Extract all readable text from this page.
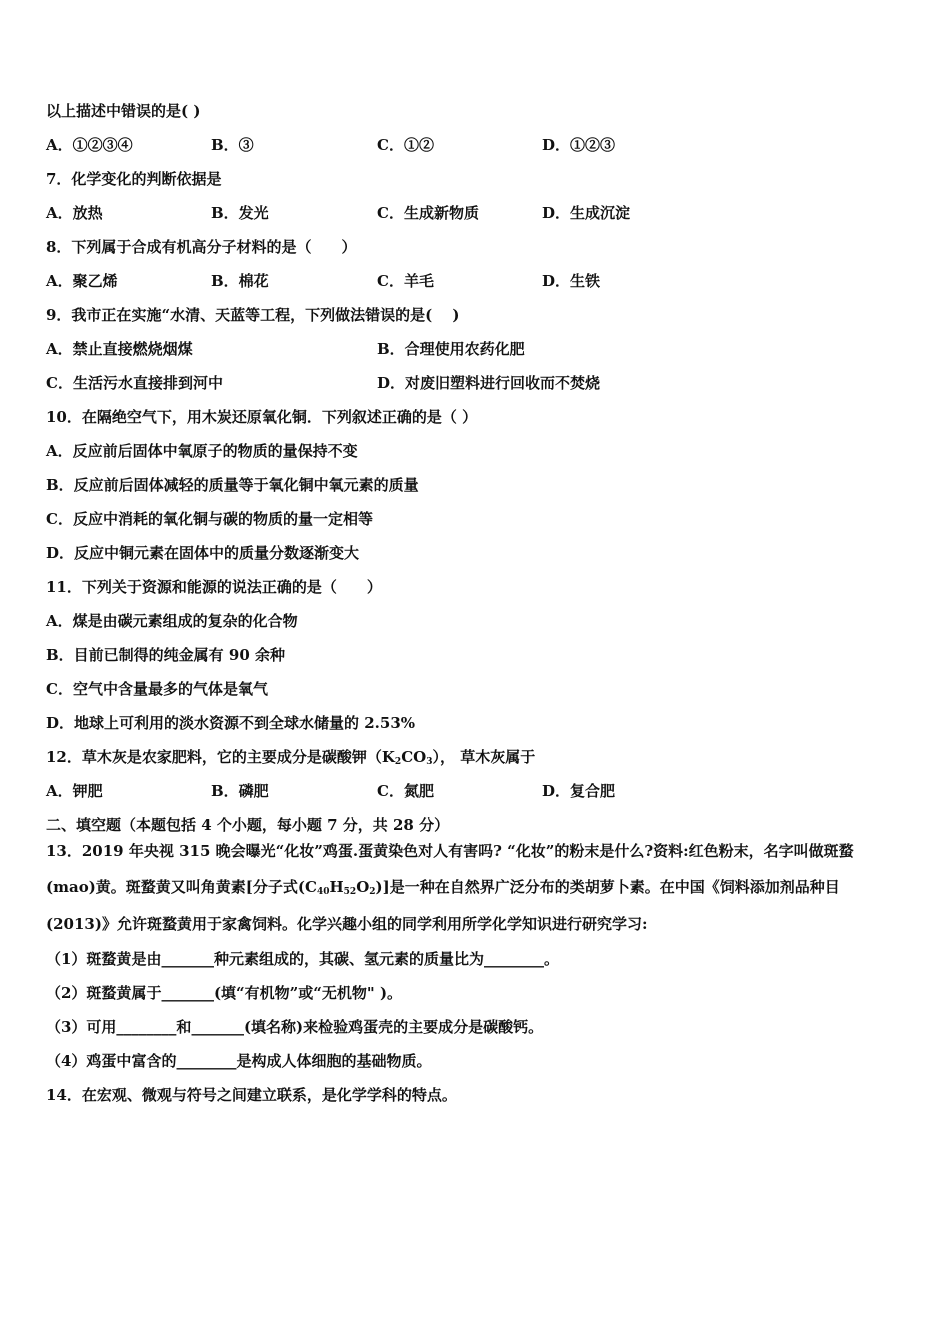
以上描述中错误的是( )
A．①②③④	B．③	C．①②	D．①②③
7．化学变化的判断依据是
A．放热	B．发光	C．生成新物质	D．生成沉淀
8．下列属于合成有机高分子材料的是（　　）
A．聚乙烯	B．棉花	C．羊毛	D．生铁
9．我市正在实施“水清、天蓝等工程，下列做法错误的是(　 )
A．禁止直接燃烧烟煤	B．合理使用农药化肥
C．生活污水直接排到河中	D．对废旧塑料进行回收而不焚烧
10．在隔绝空气下，用木炭还原氧化铜．下列叙述正确的是（ ）
A．反应前后固体中氧原子的物质的量保持不变
B．反应前后固体减轻的质量等于氧化铜中氧元素的质量
C．反应中消耗的氧化铜与碳的物质的量一定相等
D．反应中铜元素在固体中的质量分数逐渐变大
11．下列关于资源和能源的说法正确的是（　　）
A．煤是由碳元素组成的复杂的化合物
B．目前已制得的纯金属有 90 余种
C．空气中含量最多的气体是氧气
D．地球上可利用的淡水资源不到全球水储量的 2.53%
12．草木灰是农家肥料，它的主要成分是碳酸钾$(K_2CO_3)$， 草木灰属于
A．钾肥	B．磷肥	C．氮肥	D．复合肥
二、填空题（本题包括 4 个小题，每小题 7 分，共 28 分）
13．2019 年央视 315 晚会曝光“化妆”鸡蛋.蛋黄染色对人有害吗? “化妆”的粉末是什么?资料:红色粉末，名字叫做斑蝥
(mao)黄。斑蝥黄又叫角黄素[分子式$(C_{40}H_{52}O_2)$]是一种在自然界广泛分布的类胡萝卜素。在中国《饲料添加剂品种目
(2013)》允许斑蝥黄用于家禽饲料。化学兴趣小组的同学利用所学化学知识进行研究学习:
（1）斑蝥黄是由_______种元素组成的，其碳、氢元素的质量比为________。
（2）斑蝥黄属于_______(填“有机物”或“无机物" )。
（3）可用________和_______(填名称)来检验鸡蛋壳的主要成分是碳酸钙。
（4）鸡蛋中富含的________是构成人体细胞的基础物质。
14．在宏观、微观与符号之间建立联系，是化学学科的特点。
